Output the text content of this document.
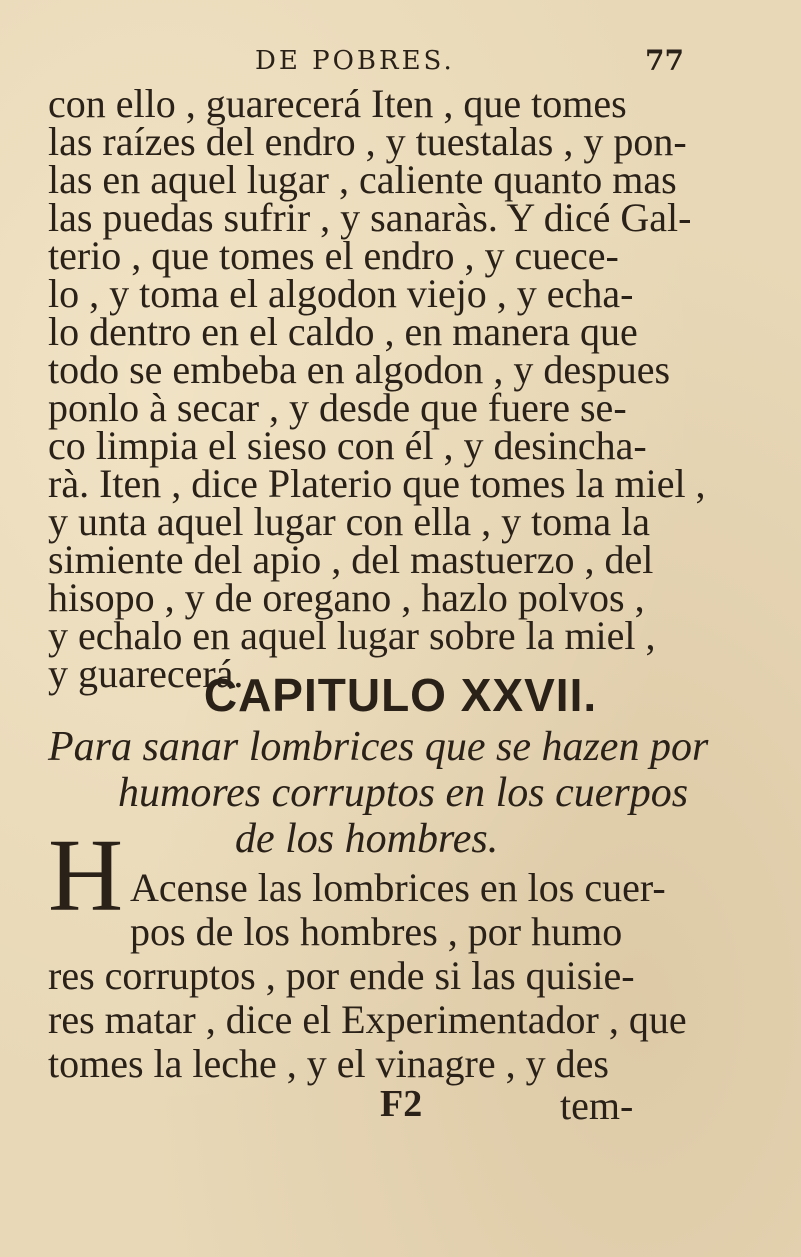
DE POBRES.	77
con ello , guarecerá Iten , que tomes
las raízes del endro , y tuestalas , y pon-
las en aquel lugar , caliente quanto mas
las puedas sufrir , y sanaràs. Y dicé Gal-
terio , que tomes el endro , y cuece-
lo , y toma el algodon viejo , y echa-
lo dentro en el caldo , en manera que
todo se embeba en algodon , y despues
ponlo à secar , y desde que fuere se-
co limpia el sieso con él , y desincha-
rà. Iten , dice Platerio que tomes la miel ,
y unta aquel lugar con ella , y toma la
simiente del apio , del mastuerzo , del
hisopo , y de oregano , hazlo polvos ,
y echalo en aquel lugar sobre la miel ,
y guarecerá.
CAPITULO XXVII.
Para sanar lombrices que se hazen por
humores corruptos en los cuerpos
de los hombres.
H Acense las lombrices en los cuer-
pos de los hombres , por humo
res corruptos , por ende si las quisie-
res matar , dice el Experimentador , que
tomes la leche , y el vinagre , y des
F2	tem-
